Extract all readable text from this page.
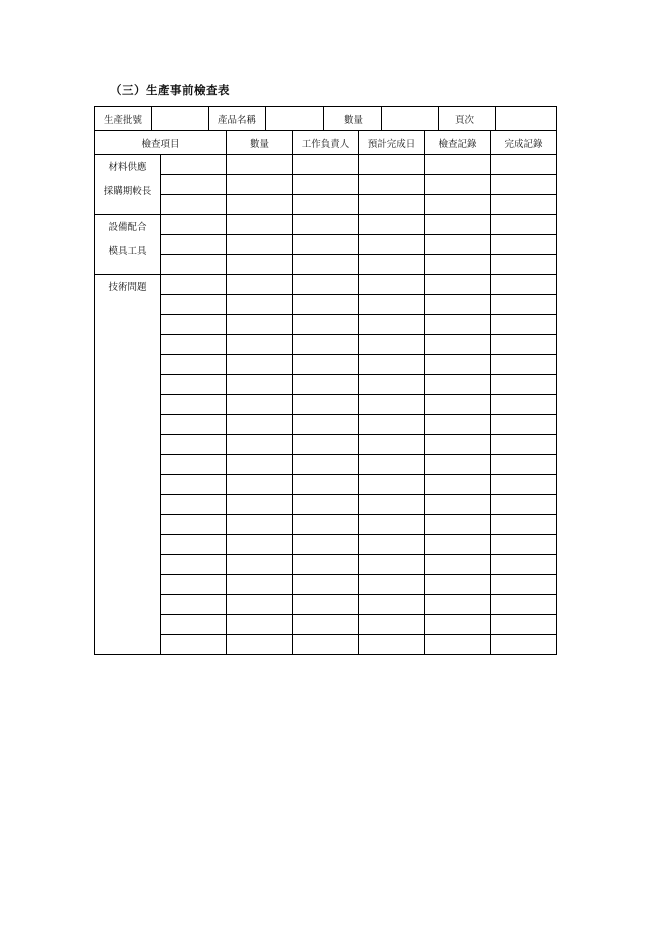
（三）生產事前檢查表
生產批號		產品名稱		數量		頁次	
檢查項目		數量	工作負責人	預計完成日	檢查記錄	完成記錄

材料供應
採購期較長						

設備配合
模具工具						

技術問題						
